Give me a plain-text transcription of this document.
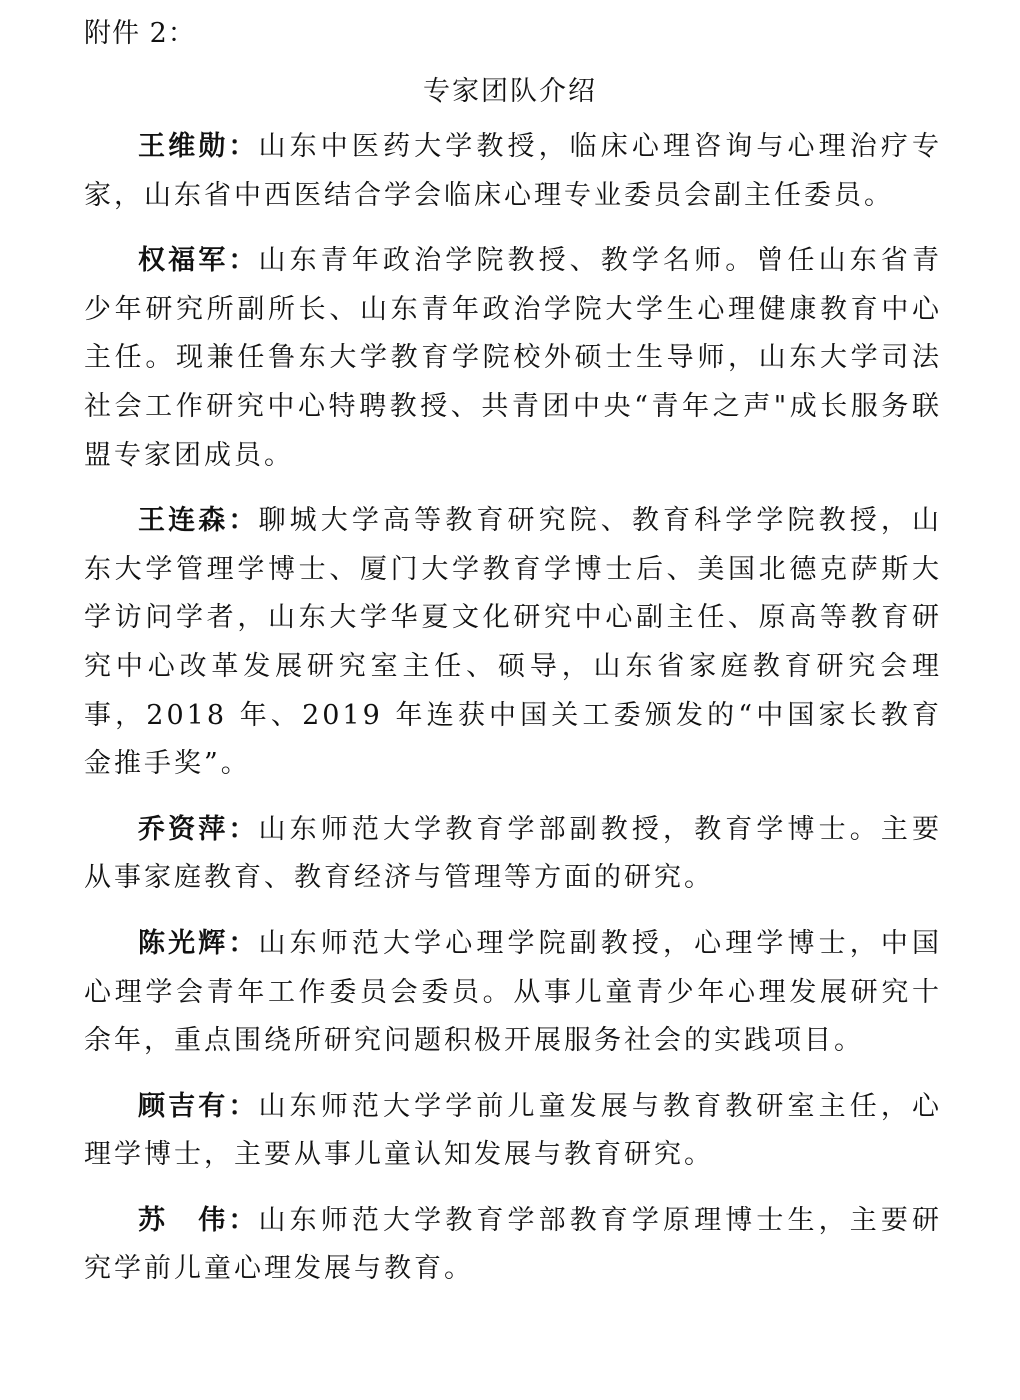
附件 2：
专家团队介绍

王维勋：山东中医药大学教授，临床心理咨询与心理治疗专家，山东省中西医结合学会临床心理专业委员会副主任委员。

权福军：山东青年政治学院教授、教学名师。曾任山东省青少年研究所副所长、山东青年政治学院大学生心理健康教育中心主任。现兼任鲁东大学教育学院校外硕士生导师，山东大学司法社会工作研究中心特聘教授、共青团中央“青年之声"成长服务联盟专家团成员。

王连森：聊城大学高等教育研究院、教育科学学院教授，山东大学管理学博士、厦门大学教育学博士后、美国北德克萨斯大学访问学者，山东大学华夏文化研究中心副主任、原高等教育研究中心改革发展研究室主任、硕导，山东省家庭教育研究会理事，2018 年、2019 年连获中国关工委颁发的“中国家长教育金推手奖”。

乔资萍：山东师范大学教育学部副教授，教育学博士。主要从事家庭教育、教育经济与管理等方面的研究。

陈光辉：山东师范大学心理学院副教授，心理学博士，中国心理学会青年工作委员会委员。从事儿童青少年心理发展研究十余年，重点围绕所研究问题积极开展服务社会的实践项目。

顾吉有：山东师范大学学前儿童发展与教育教研室主任，心理学博士，主要从事儿童认知发展与教育研究。

苏　伟：山东师范大学教育学部教育学原理博士生，主要研究学前儿童心理发展与教育。
